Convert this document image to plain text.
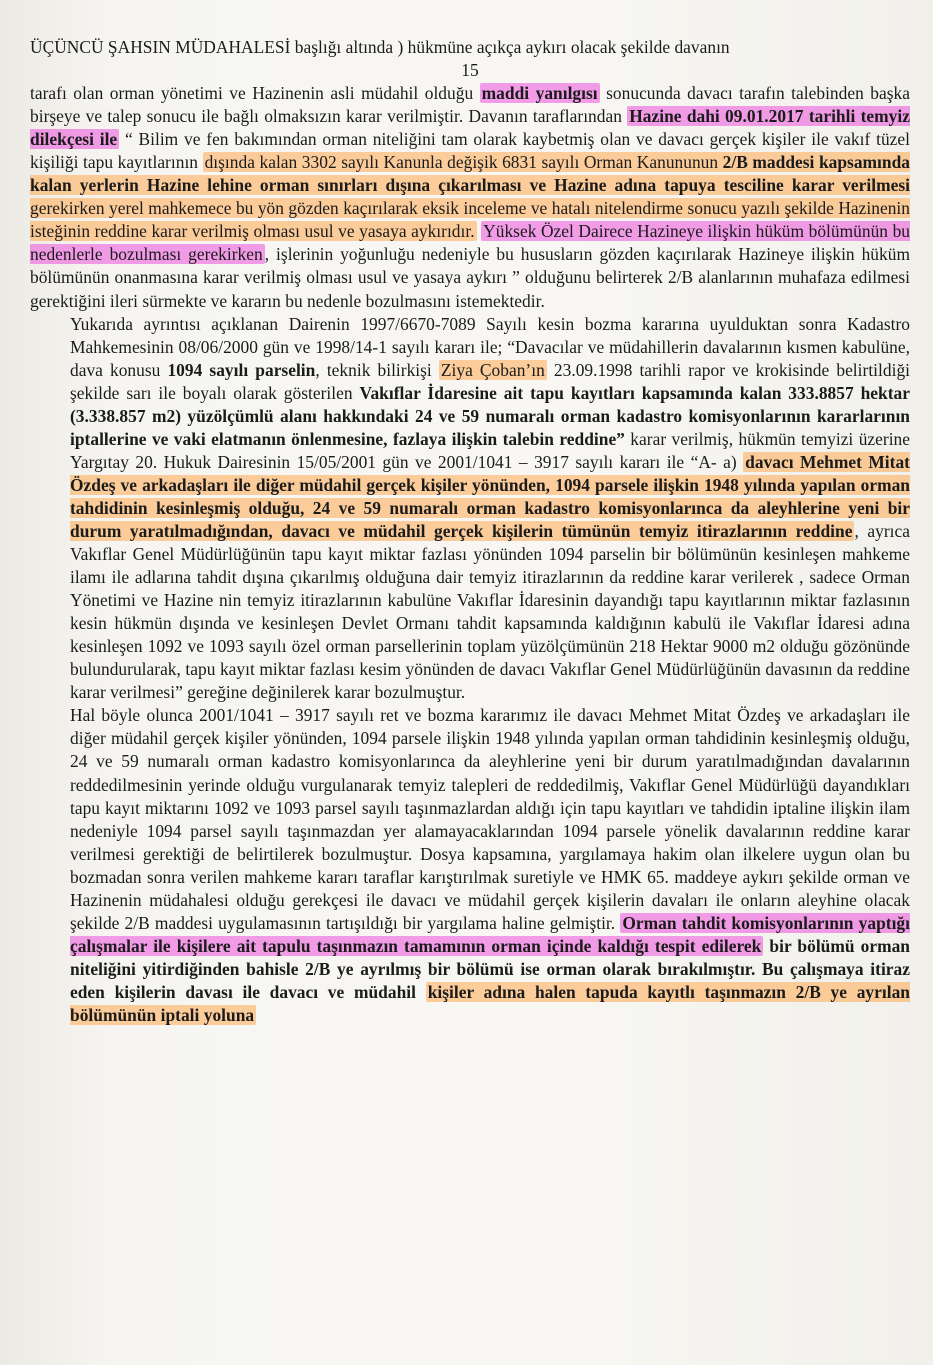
ÜÇÜNCÜ ŞAHSIN MÜDAHALESİ başlığı altında ) hükmüne açıkça aykırı olacak şekilde davanın
15
tarafı olan orman yönetimi ve Hazinenin asli müdahil olduğu maddi yanılgısı sonucunda davacı tarafın talebinden başka birşeye ve talep sonucu ile bağlı olmaksızın karar verilmiştir. Davanın taraflarından Hazine dahi 09.01.2017 tarihli temyiz dilekçesi ile “ Bilim ve fen bakımından orman niteliğini tam olarak kaybetmiş olan ve davacı gerçek kişiler ile vakıf tüzel kişiliği tapu kayıtlarının dışında kalan 3302 sayılı Kanunla değişik 6831 sayılı Orman Kanununun 2/B maddesi kapsamında kalan yerlerin Hazine lehine orman sınırları dışına çıkarılması ve Hazine adına tapuya tesciline karar verilmesi gerekirken yerel mahkemece bu yön gözden kaçırılarak eksik inceleme ve hatalı nitelendirme sonucu yazılı şekilde Hazinenin isteğinin reddine karar verilmiş olması usul ve yasaya aykırıdır. Yüksek Özel Dairece Hazineye ilişkin hüküm bölümünün bu nedenlerle bozulması gerekirken , işlerinin yoğunluğu nedeniyle bu hususların gözden kaçırılarak Hazineye ilişkin hüküm bölümünün onanmasına karar verilmiş olması usul ve yasaya aykırı ” olduğunu belirterek 2/B alanlarının muhafaza edilmesi gerektiğini ileri sürmekte ve kararın bu nedenle bozulmasını istemektedir.
Yukarıda ayrıntısı açıklanan Dairenin 1997/6670-7089 Sayılı kesin bozma kararına uyulduktan sonra Kadastro Mahkemesinin 08/06/2000 gün ve 1998/14-1 sayılı kararı ile; “Davacılar ve müdahillerin davalarının kısmen kabulüne, dava konusu 1094 sayılı parselin, teknik bilirkişi Ziya Çoban’ın 23.09.1998 tarihli rapor ve krokisinde belirtildiği şekilde sarı ile boyalı olarak gösterilen Vakıflar İdaresine ait tapu kayıtları kapsamında kalan 333.8857 hektar (3.338.857 m2) yüzölçümlü alanı hakkındaki 24 ve 59 numaralı orman kadastro komisyonlarının kararlarının iptallerine ve vaki elatmanın önlenmesine, fazlaya ilişkin talebin reddine” karar verilmiş, hükmün temyizi üzerine Yargıtay 20. Hukuk Dairesinin 15/05/2001 gün ve 2001/1041 – 3917 sayılı kararı ile “A- a) davacı Mehmet Mitat Özdeş ve arkadaşları ile diğer müdahil gerçek kişiler yönünden, 1094 parsele ilişkin 1948 yılında yapılan orman tahdidinin kesinleşmiş olduğu, 24 ve 59 numaralı orman kadastro komisyonlarınca da aleyhlerine yeni bir durum yaratılmadığından, davacı ve müdahil gerçek kişilerin tümünün temyiz itirazlarının reddine , ayrıca Vakıflar Genel Müdürlüğünün tapu kayıt miktar fazlası yönünden 1094 parselin bir bölümünün kesinleşen mahkeme ilamı ile adlarına tahdit dışına çıkarılmış olduğuna dair temyiz itirazlarının da reddine karar verilerek , sadece Orman Yönetimi ve Hazine nin temyiz itirazlarının kabulüne Vakıflar İdaresinin dayandığı tapu kayıtlarının miktar fazlasının kesin hükmün dışında ve kesinleşen Devlet Ormanı tahdit kapsamında kaldığının kabulü ile Vakıflar İdaresi adına kesinleşen 1092 ve 1093 sayılı özel orman parsellerinin toplam yüzölçümünün 218 Hektar 9000 m2 olduğu gözönünde bulundurularak, tapu kayıt miktar fazlası kesim yönünden de davacı Vakıflar Genel Müdürlüğünün davasının da reddine karar verilmesi” gereğine değinilerek karar bozulmuştur.
Hal böyle olunca 2001/1041 – 3917 sayılı ret ve bozma kararımız ile davacı Mehmet Mitat Özdeş ve arkadaşları ile diğer müdahil gerçek kişiler yönünden, 1094 parsele ilişkin 1948 yılında yapılan orman tahdidinin kesinleşmiş olduğu, 24 ve 59 numaralı orman kadastro komisyonlarınca da aleyhlerine yeni bir durum yaratılmadığından davalarının reddedilmesinin yerinde olduğu vurgulanarak temyiz talepleri de reddedilmiş, Vakıflar Genel Müdürlüğü dayandıkları tapu kayıt miktarını 1092 ve 1093 parsel sayılı taşınmazlardan aldığı için tapu kayıtları ve tahdidin iptaline ilişkin ilam nedeniyle 1094 parsel sayılı taşınmazdan yer alamayacaklarından 1094 parsele yönelik davalarının reddine karar verilmesi gerektiği de belirtilerek bozulmuştur. Dosya kapsamına, yargılamaya hakim olan ilkelere uygun olan bu bozmadan sonra verilen mahkeme kararı taraflar karıştırılmak suretiyle ve HMK 65. maddeye aykırı şekilde orman ve Hazinenin müdahalesi olduğu gerekçesi ile davacı ve müdahil gerçek kişilerin davaları ile onların aleyhine olacak şekilde 2/B maddesi uygulamasının tartışıldığı bir yargılama haline gelmiştir. Orman tahdit komisyonlarının yaptığı çalışmalar ile kişilere ait tapulu taşınmazın tamamının orman içinde kaldığı tespit edilerek bir bölümü orman niteliğini yitirdiğinden bahisle 2/B ye ayrılmış bir bölümü ise orman olarak bırakılmıştır. Bu çalışmaya itiraz eden kişilerin davası ile davacı ve müdahil kişiler adına halen tapuda kayıtlı taşınmazın 2/B ye ayrılan bölümünün iptali yoluna
